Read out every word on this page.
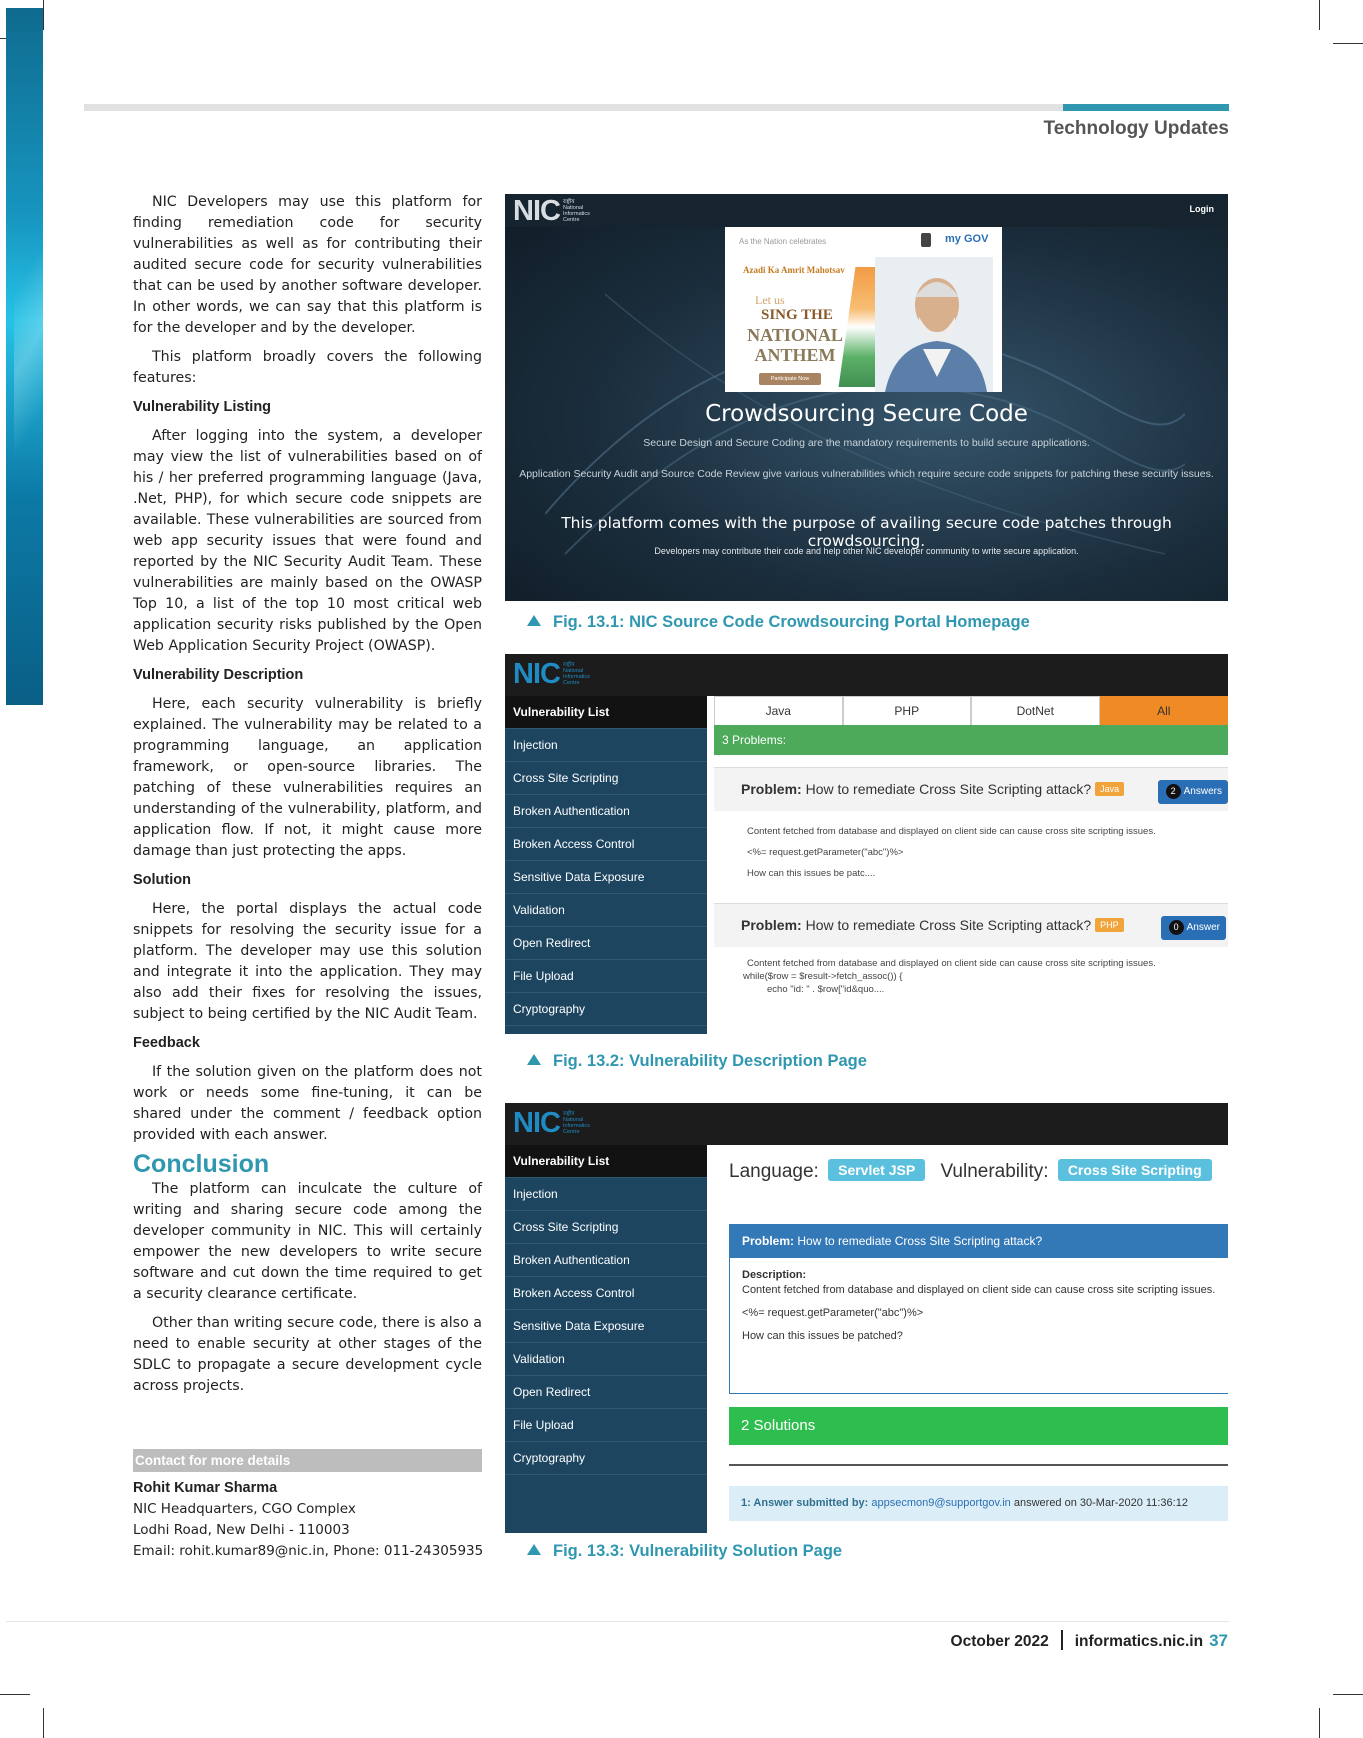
Technology Updates

NIC Developers may use this platform for finding remediation code for security vulnerabilities as well as for contributing their audited secure code for security vulnerabilities that can be used by another software developer. In other words, we can say that this platform is for the developer and by the developer.

This platform broadly covers the following features:

Vulnerability Listing

After logging into the system, a developer may view the list of vulnerabilities based on of his / her preferred programming language (Java, .Net, PHP), for which secure code snippets are available. These vulnerabilities are sourced from web app security issues that were found and reported by the NIC Security Audit Team. These vulnerabilities are mainly based on the OWASP Top 10, a list of the top 10 most critical web application security risks published by the Open Web Application Security Project (OWASP).

Vulnerability Description

Here, each security vulnerability is briefly explained. The vulnerability may be related to a programming language, an application framework, or open-source libraries. The patching of these vulnerabilities requires an understanding of the vulnerability, platform, and application flow. If not, it might cause more damage than just protecting the apps.

Solution

Here, the portal displays the actual code snippets for resolving the security issue for a platform. The developer may use this solution and integrate it into the application. They may also add their fixes for resolving the issues, subject to being certified by the NIC Audit Team.

Feedback

If the solution given on the platform does not work or needs some fine-tuning, it can be shared under the comment / feedback option provided with each answer.

Conclusion

The platform can inculcate the culture of writing and sharing secure code among the developer community in NIC. This will certainly empower the new developers to write secure software and cut down the time required to get a security clearance certificate.

Other than writing secure code, there is also a need to enable security at other stages of the SDLC to propagate a secure development cycle across projects.

Contact for more details
Rohit Kumar Sharma
NIC Headquarters, CGO Complex
Lodhi Road, New Delhi - 110003
Email: rohit.kumar89@nic.in, Phone: 011-24305935
NIC राष्ट्रीय
National
Informatics
Centre
Login
As the Nation celebrates
Azadi Ka Amrit Mahotsav
Let us
SING THE
NATIONAL ANTHEM
Participate Now
my GOV
Crowdsourcing Secure Code
Secure Design and Secure Coding are the mandatory requirements to build secure applications.
Application Security Audit and Source Code Review give various vulnerabilities which require secure code snippets for patching these security issues.
This platform comes with the purpose of availing secure code patches through crowdsourcing.
Developers may contribute their code and help other NIC developer community to write secure application.
Fig. 13.1: NIC Source Code Crowdsourcing Portal Homepage
NIC राष्ट्रीय
National
Informatics
Centre
Vulnerability List
Injection
Cross Site Scripting
Broken Authentication
Broken Access Control
Sensitive Data Exposure
Validation
Open Redirect
File Upload
Cryptography
Java	PHP	DotNet	All
3 Problems:
Problem: How to remediate Cross Site Scripting attack? Java	2 Answers
Content fetched from database and displayed on client side can cause cross site scripting issues.
<%= request.getParameter("abc")%>
How can this issues be patc....
Problem: How to remediate Cross Site Scripting attack? PHP	0 Answer
Content fetched from database and displayed on client side can cause cross site scripting issues.
while($row = $result->fetch_assoc()) {
echo "id: " . $row["id&quo....
Fig. 13.2: Vulnerability Description Page
NIC राष्ट्रीय
National
Informatics
Centre
Vulnerability List
Injection
Cross Site Scripting
Broken Authentication
Broken Access Control
Sensitive Data Exposure
Validation
Open Redirect
File Upload
Cryptography
Language: Servlet JSP Vulnerability: Cross Site Scripting
Problem: How to remediate Cross Site Scripting attack?
Description:

Content fetched from database and displayed on client side can cause cross site scripting issues.

<%= request.getParameter("abc")%>

How can this issues be patched?

2 Solutions
1: Answer submitted by: appsecmon9@supportgov.in answered on 30-Mar-2020 11:36:12
Fig. 13.3: Vulnerability Solution Page
October 2022 informatics.nic.in 37
